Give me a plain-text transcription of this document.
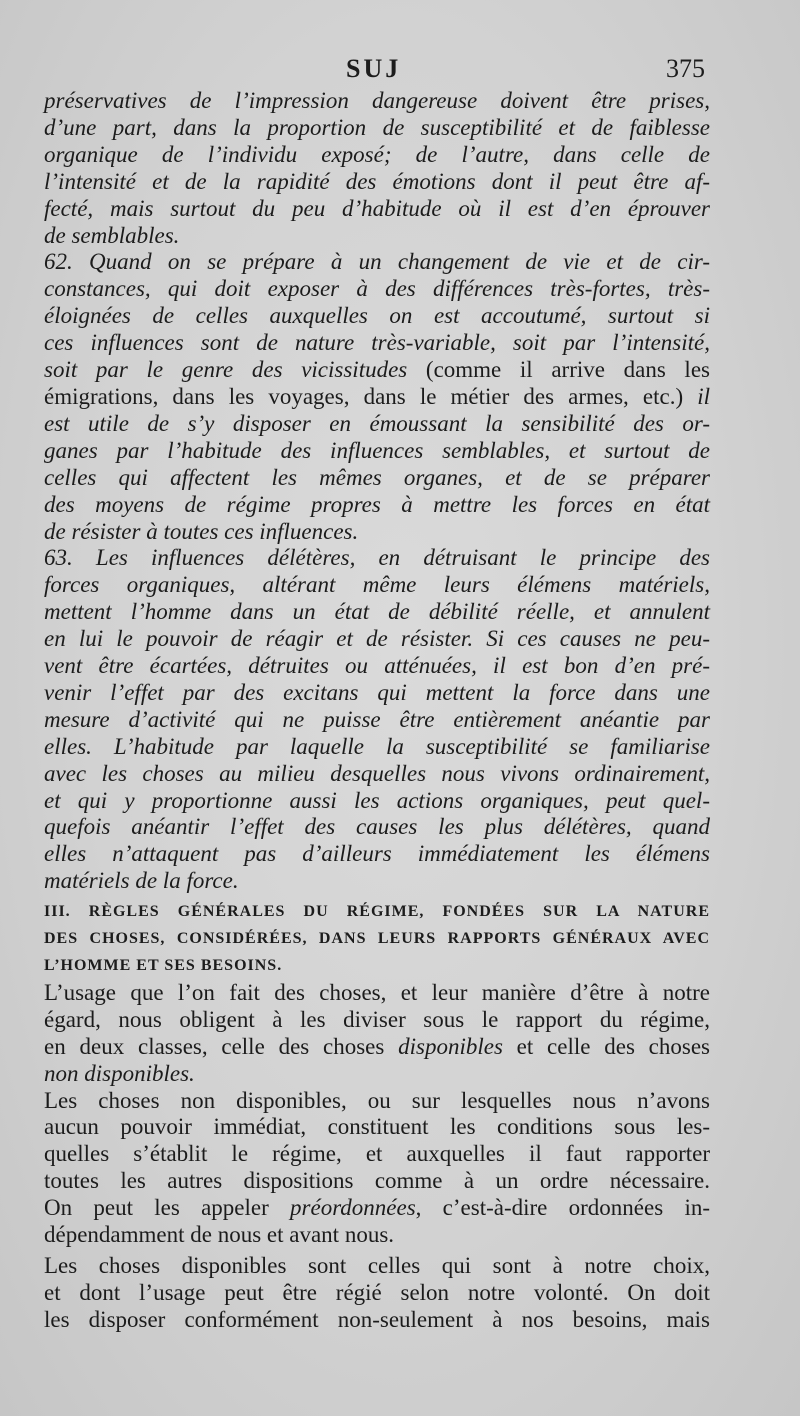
SUJ	375
préservatives de l’impression dangereuse doivent être prises,
d’une part, dans la proportion de susceptibilité et de faiblesse
organique de l’individu exposé; de l’autre, dans celle de
l’intensité et de la rapidité des émotions dont il peut être af-
fecté, mais surtout du peu d’habitude où il est d’en éprouver
de semblables.
62. Quand on se prépare à un changement de vie et de cir-
constances, qui doit exposer à des différences très-fortes, très-
éloignées de celles auxquelles on est accoutumé, surtout si
ces influences sont de nature très-variable, soit par l’intensité,
soit par le genre des vicissitudes (comme il arrive dans les
émigrations, dans les voyages, dans le métier des armes, etc.) il
est utile de s’y disposer en émoussant la sensibilité des or-
ganes par l’habitude des influences semblables, et surtout de
celles qui affectent les mêmes organes, et de se préparer
des moyens de régime propres à mettre les forces en état
de résister à toutes ces influences.
63. Les influences délétères, en détruisant le principe des
forces organiques, altérant même leurs élémens matériels,
mettent l’homme dans un état de débilité réelle, et annulent
en lui le pouvoir de réagir et de résister. Si ces causes ne peu-
vent être écartées, détruites ou atténuées, il est bon d’en pré-
venir l’effet par des excitans qui mettent la force dans une
mesure d’activité qui ne puisse être entièrement anéantie par
elles. L’habitude par laquelle la susceptibilité se familiarise
avec les choses au milieu desquelles nous vivons ordinairement,
et qui y proportionne aussi les actions organiques, peut quel-
quefois anéantir l’effet des causes les plus délétères, quand
elles n’attaquent pas d’ailleurs immédiatement les élémens
matériels de la force.
III. RÈGLES GÉNÉRALES DU RÉGIME, FONDÉES SUR LA NATURE
DES CHOSES, CONSIDÉRÉES, DANS LEURS RAPPORTS GÉNÉRAUX AVEC
L’HOMME ET SES BESOINS.
L’usage que l’on fait des choses, et leur manière d’être à notre
égard, nous obligent à les diviser sous le rapport du régime,
en deux classes, celle des choses disponibles et celle des choses
non disponibles.
Les choses non disponibles, ou sur lesquelles nous n’avons
aucun pouvoir immédiat, constituent les conditions sous les-
quelles s’établit le régime, et auxquelles il faut rapporter
toutes les autres dispositions comme à un ordre nécessaire.
On peut les appeler préordonnées, c’est-à-dire ordonnées in-
dépendamment de nous et avant nous.
Les choses disponibles sont celles qui sont à notre choix,
et dont l’usage peut être régié selon notre volonté. On doit
les disposer conformément non-seulement à nos besoins, mais
